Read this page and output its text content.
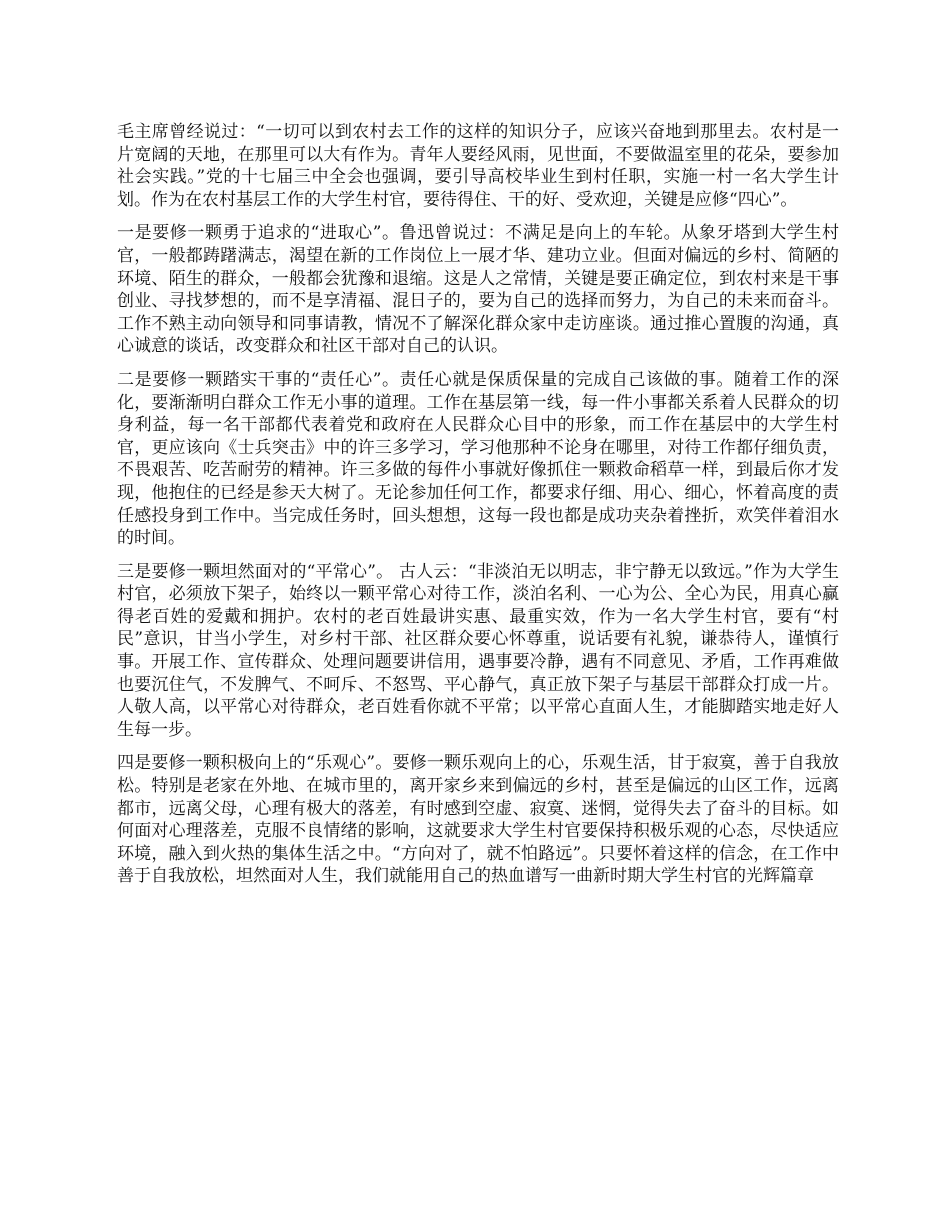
毛主席曾经说过：“一切可以到农村去工作的这样的知识分子，应该兴奋地到那里去。农村是一片宽阔的天地，在那里可以大有作为。青年人要经风雨，见世面，不要做温室里的花朵，要参加社会实践。”党的十七届三中全会也强调，要引导高校毕业生到村任职，实施一村一名大学生计划。作为在农村基层工作的大学生村官，要待得住、干的好、受欢迎，关键是应修“四心”。

一是要修一颗勇于追求的“进取心”。鲁迅曾说过：不满足是向上的车轮。从象牙塔到大学生村官，一般都踌躇满志，渴望在新的工作岗位上一展才华、建功立业。但面对偏远的乡村、简陋的环境、陌生的群众，一般都会犹豫和退缩。这是人之常情，关键是要正确定位，到农村来是干事创业、寻找梦想的，而不是享清福、混日子的，要为自己的选择而努力，为自己的未来而奋斗。工作不熟主动向领导和同事请教，情况不了解深化群众家中走访座谈。通过推心置腹的沟通，真心诚意的谈话，改变群众和社区干部对自己的认识。

二是要修一颗踏实干事的“责任心”。责任心就是保质保量的完成自己该做的事。随着工作的深化，要渐渐明白群众工作无小事的道理。工作在基层第一线，每一件小事都关系着人民群众的切身利益，每一名干部都代表着党和政府在人民群众心目中的形象，而工作在基层中的大学生村官，更应该向《士兵突击》中的许三多学习，学习他那种不论身在哪里，对待工作都仔细负责，不畏艰苦、吃苦耐劳的精神。许三多做的每件小事就好像抓住一颗救命稻草一样，到最后你才发现，他抱住的已经是参天大树了。无论参加任何工作，都要求仔细、用心、细心，怀着高度的责任感投身到工作中。当完成任务时，回头想想，这每一段也都是成功夹杂着挫折，欢笑伴着泪水的时间。

三是要修一颗坦然面对的“平常心”。 古人云：“非淡泊无以明志，非宁静无以致远。”作为大学生村官，必须放下架子，始终以一颗平常心对待工作，淡泊名利、一心为公、全心为民，用真心赢得老百姓的爱戴和拥护。农村的老百姓最讲实惠、最重实效，作为一名大学生村官，要有“村民”意识，甘当小学生，对乡村干部、社区群众要心怀尊重，说话要有礼貌，谦恭待人，谨慎行事。开展工作、宣传群众、处理问题要讲信用，遇事要冷静，遇有不同意见、矛盾，工作再难做也要沉住气，不发脾气、不呵斥、不怒骂、平心静气，真正放下架子与基层干部群众打成一片。人敬人高，以平常心对待群众，老百姓看你就不平常；以平常心直面人生，才能脚踏实地走好人生每一步。

四是要修一颗积极向上的“乐观心”。要修一颗乐观向上的心，乐观生活，甘于寂寞，善于自我放松。特别是老家在外地、在城市里的，离开家乡来到偏远的乡村，甚至是偏远的山区工作，远离都市，远离父母，心理有极大的落差，有时感到空虚、寂寞、迷惘，觉得失去了奋斗的目标。如何面对心理落差，克服不良情绪的影响，这就要求大学生村官要保持积极乐观的心态，尽快适应环境，融入到火热的集体生活之中。“方向对了，就不怕路远”。只要怀着这样的信念，在工作中善于自我放松，坦然面对人生，我们就能用自己的热血谱写一曲新时期大学生村官的光辉篇章
